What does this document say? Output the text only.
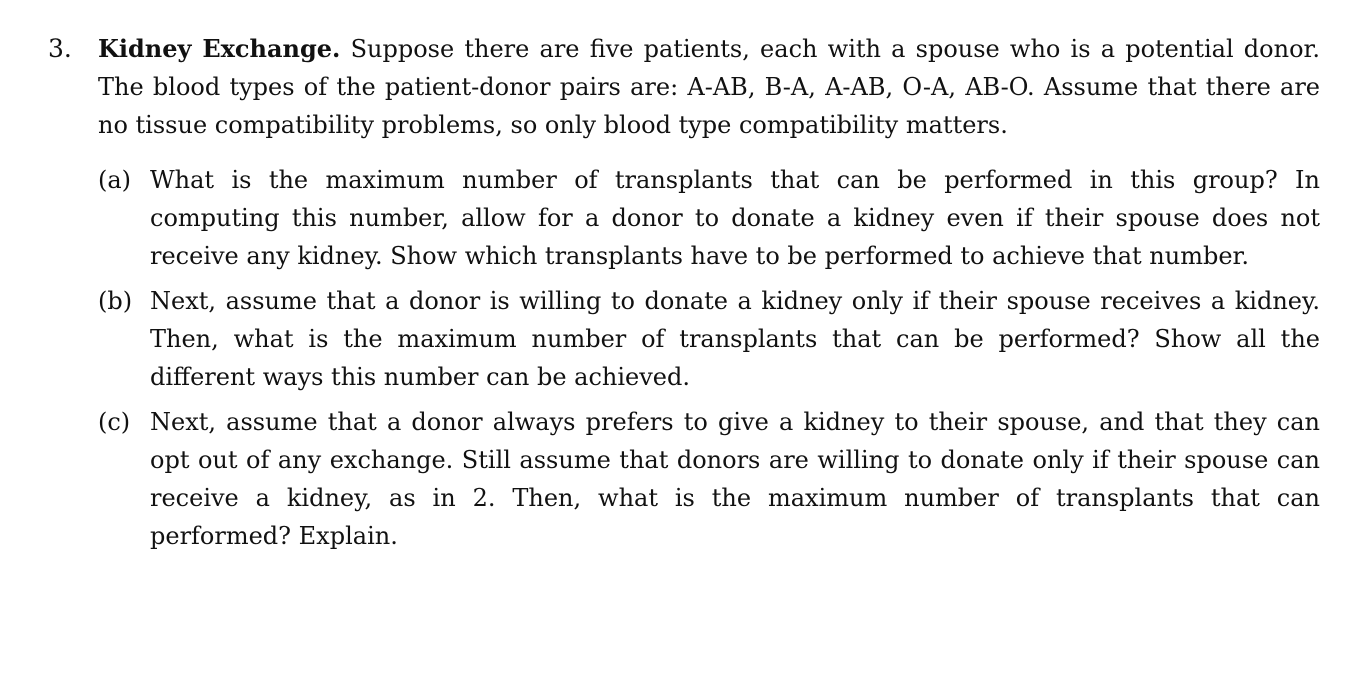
3.	Kidney Exchange. Suppose there are five patients, each with a spouse who is a potential donor. The blood types of the patient-donor pairs are: A-AB, B-A, A-AB, O-A, AB-O. Assume that there are no tissue compatibility problems, so only blood type compatibility matters.
(a) What is the maximum number of transplants that can be performed in this group? In computing this number, allow for a donor to donate a kidney even if their spouse does not receive any kidney. Show which transplants have to be performed to achieve that number.
(b) Next, assume that a donor is willing to donate a kidney only if their spouse receives a kidney. Then, what is the maximum number of transplants that can be performed? Show all the different ways this number can be achieved.
(c) Next, assume that a donor always prefers to give a kidney to their spouse, and that they can opt out of any exchange. Still assume that donors are willing to donate only if their spouse can receive a kidney, as in 2. Then, what is the maximum number of transplants that can performed? Explain.
